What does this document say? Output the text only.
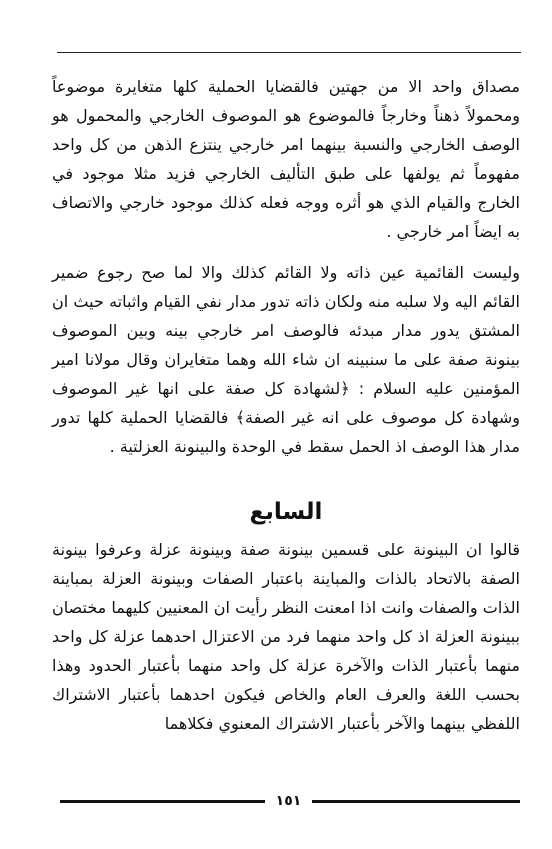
مصداق واحد الا من جهتين فالقضايا الحملية كلها متغايرة موضوعاً ومحمولاً ذهناً وخارجاً فالموضوع هو الموصوف الخارجي والمحمول هو الوصف الخارجي والنسبة بينهما امر خارجي ينتزع الذهن من كل واحد مفهوماً ثم يولفها على طبق التأليف الخارجي فزيد مثلا موجود في الخارج والقيام الذي هو أثره ووجه فعله كذلك موجود خارجي والاتصاف به ايضاً امر خارجي .

وليست القائمية عين ذاته ولا القائم كذلك والا لما صح رجوع ضمير القائم اليه ولا سلبه منه ولكان ذاته تدور مدار نفي القيام واثباته حيث ان المشتق يدور مدار مبدئه فالوصف امر خارجي بينه وبين الموصوف بينونة صفة على ما سنبينه ان شاء الله وهما متغايران وقال مولانا امير المؤمنين عليه السلام : ﴿لشهادة كل صفة على انها غير الموصوف وشهادة كل موصوف على انه غير الصفة﴾ فالقضايا الحملية كلها تدور مدار هذا الوصف اذ الحمل سقط في الوحدة والبينونة العزلتية .

السابع

قالوا ان البينونة على قسمين بينونة صفة وبينونة عزلة وعرفوا بينونة الصفة بالاتحاد بالذات والمباينة باعتبار الصفات وبينونة العزلة بمباينة الذات والصفات وانت اذا امعنت النظر رأيت ان المعنيين كليهما مختصان ببينونة العزلة اذ كل واحد منهما فرد من الاعتزال احدهما عزلة كل واحد منهما بأعتبار الذات والآخرة عزلة كل واحد منهما بأعتبار الحدود وهذا بحسب اللغة والعرف العام والخاص فيكون احدهما بأعتبار الاشتراك اللفظي بينهما والآخر بأعتبار الاشتراك المعنوي فكلاهما

١٥١
